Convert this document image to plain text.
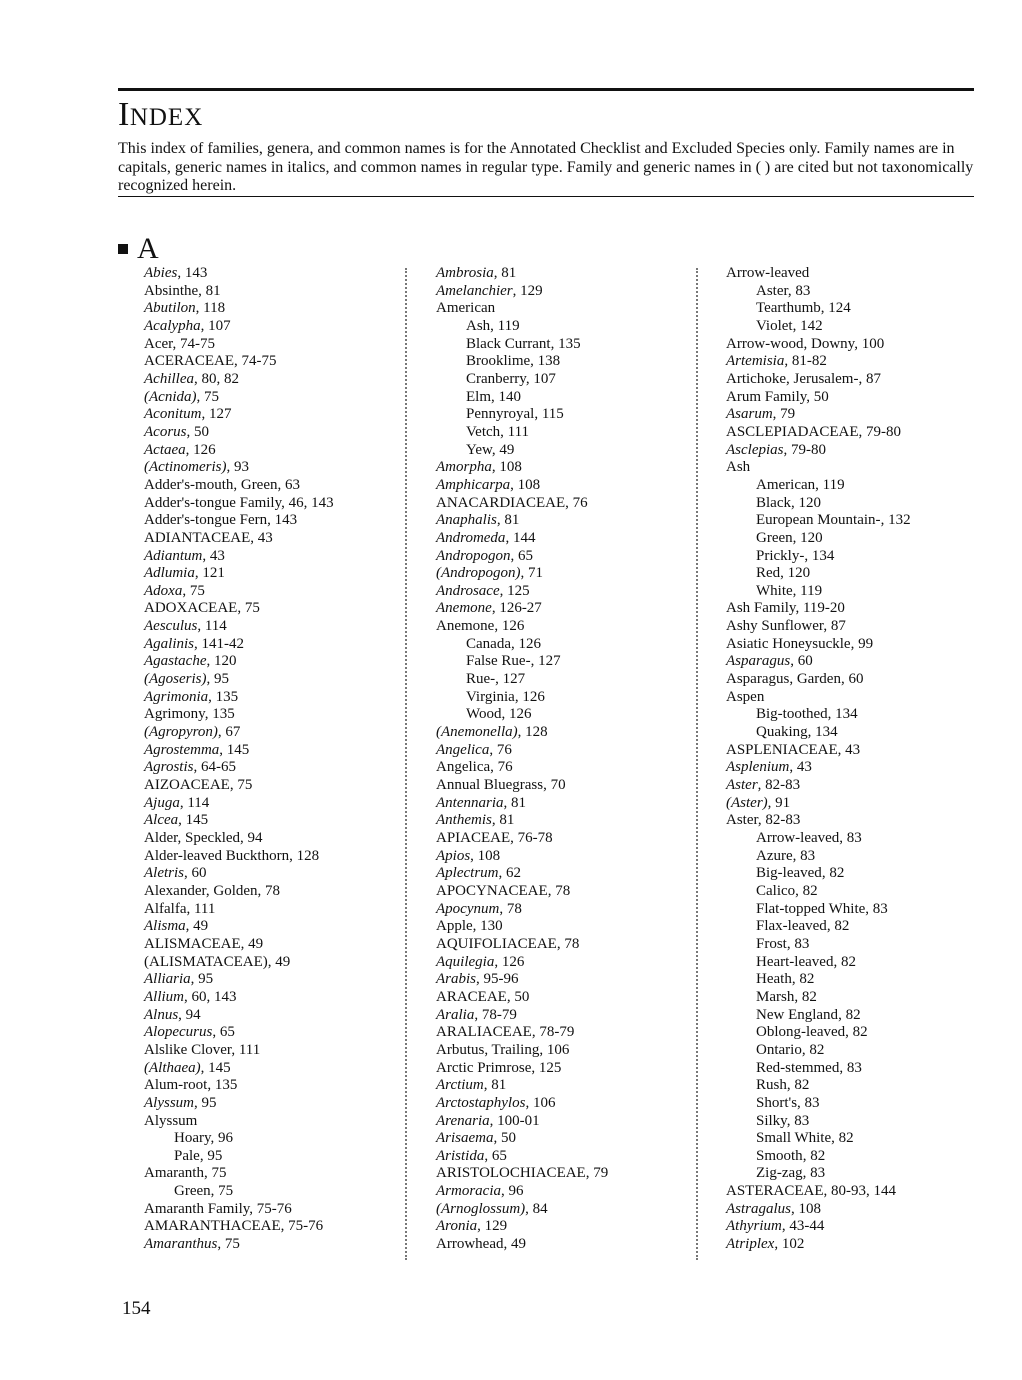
INDEX

This index of families, genera, and common names is for the Annotated Checklist and Excluded Species only. Family names are in capitals, generic names in italics, and common names in regular type. Family and generic names in ( ) are cited but not taxonomically recognized herein.

A
Abies, 143
Absinthe, 81
Abutilon, 118
Acalypha, 107
Acer, 74-75
ACERACEAE, 74-75
Achillea, 80, 82
(Acnida), 75
Aconitum, 127
Acorus, 50
Actaea, 126
(Actinomeris), 93
Adder's-mouth, Green, 63
Adder's-tongue Family, 46, 143
Adder's-tongue Fern, 143
ADIANTACEAE, 43
Adiantum, 43
Adlumia, 121
Adoxa, 75
ADOXACEAE, 75
Aesculus, 114
Agalinis, 141-42
Agastache, 120
(Agoseris), 95
Agrimonia, 135
Agrimony, 135
(Agropyron), 67
Agrostemma, 145
Agrostis, 64-65
AIZOACEAE, 75
Ajuga, 114
Alcea, 145
Alder, Speckled, 94
Alder-leaved Buckthorn, 128
Aletris, 60
Alexander, Golden, 78
Alfalfa, 111
Alisma, 49
ALISMACEAE, 49
(ALISMATACEAE), 49
Alliaria, 95
Allium, 60, 143
Alnus, 94
Alopecurus, 65
Alslike Clover, 111
(Althaea), 145
Alum-root, 135
Alyssum, 95
Alyssum
Hoary, 96
Pale, 95
Amaranth, 75
Green, 75
Amaranth Family, 75-76
AMARANTHACEAE, 75-76
Amaranthus, 75
Ambrosia, 81
Amelanchier, 129
American
Ash, 119
Black Currant, 135
Brooklime, 138
Cranberry, 107
Elm, 140
Pennyroyal, 115
Vetch, 111
Yew, 49
Amorpha, 108
Amphicarpa, 108
ANACARDIACEAE, 76
Anaphalis, 81
Andromeda, 144
Andropogon, 65
(Andropogon), 71
Androsace, 125
Anemone, 126-27
Anemone, 126
Canada, 126
False Rue-, 127
Rue-, 127
Virginia, 126
Wood, 126
(Anemonella), 128
Angelica, 76
Angelica, 76
Annual Bluegrass, 70
Antennaria, 81
Anthemis, 81
APIACEAE, 76-78
Apios, 108
Aplectrum, 62
APOCYNACEAE, 78
Apocynum, 78
Apple, 130
AQUIFOLIACEAE, 78
Aquilegia, 126
Arabis, 95-96
ARACEAE, 50
Aralia, 78-79
ARALIACEAE, 78-79
Arbutus, Trailing, 106
Arctic Primrose, 125
Arctium, 81
Arctostaphylos, 106
Arenaria, 100-01
Arisaema, 50
Aristida, 65
ARISTOLOCHIACEAE, 79
Armoracia, 96
(Arnoglossum), 84
Aronia, 129
Arrowhead, 49
Arrow-leaved
Aster, 83
Tearthumb, 124
Violet, 142
Arrow-wood, Downy, 100
Artemisia, 81-82
Artichoke, Jerusalem-, 87
Arum Family, 50
Asarum, 79
ASCLEPIADACEAE, 79-80
Asclepias, 79-80
Ash
American, 119
Black, 120
European Mountain-, 132
Green, 120
Prickly-, 134
Red, 120
White, 119
Ash Family, 119-20
Ashy Sunflower, 87
Asiatic Honeysuckle, 99
Asparagus, 60
Asparagus, Garden, 60
Aspen
Big-toothed, 134
Quaking, 134
ASPLENIACEAE, 43
Asplenium, 43
Aster, 82-83
(Aster), 91
Aster, 82-83
Arrow-leaved, 83
Azure, 83
Big-leaved, 82
Calico, 82
Flat-topped White, 83
Flax-leaved, 82
Frost, 83
Heart-leaved, 82
Heath, 82
Marsh, 82
New England, 82
Oblong-leaved, 82
Ontario, 82
Red-stemmed, 83
Rush, 82
Short's, 83
Silky, 83
Small White, 82
Smooth, 82
Zig-zag, 83
ASTERACEAE, 80-93, 144
Astragalus, 108
Athyrium, 43-44
Atriplex, 102
154
